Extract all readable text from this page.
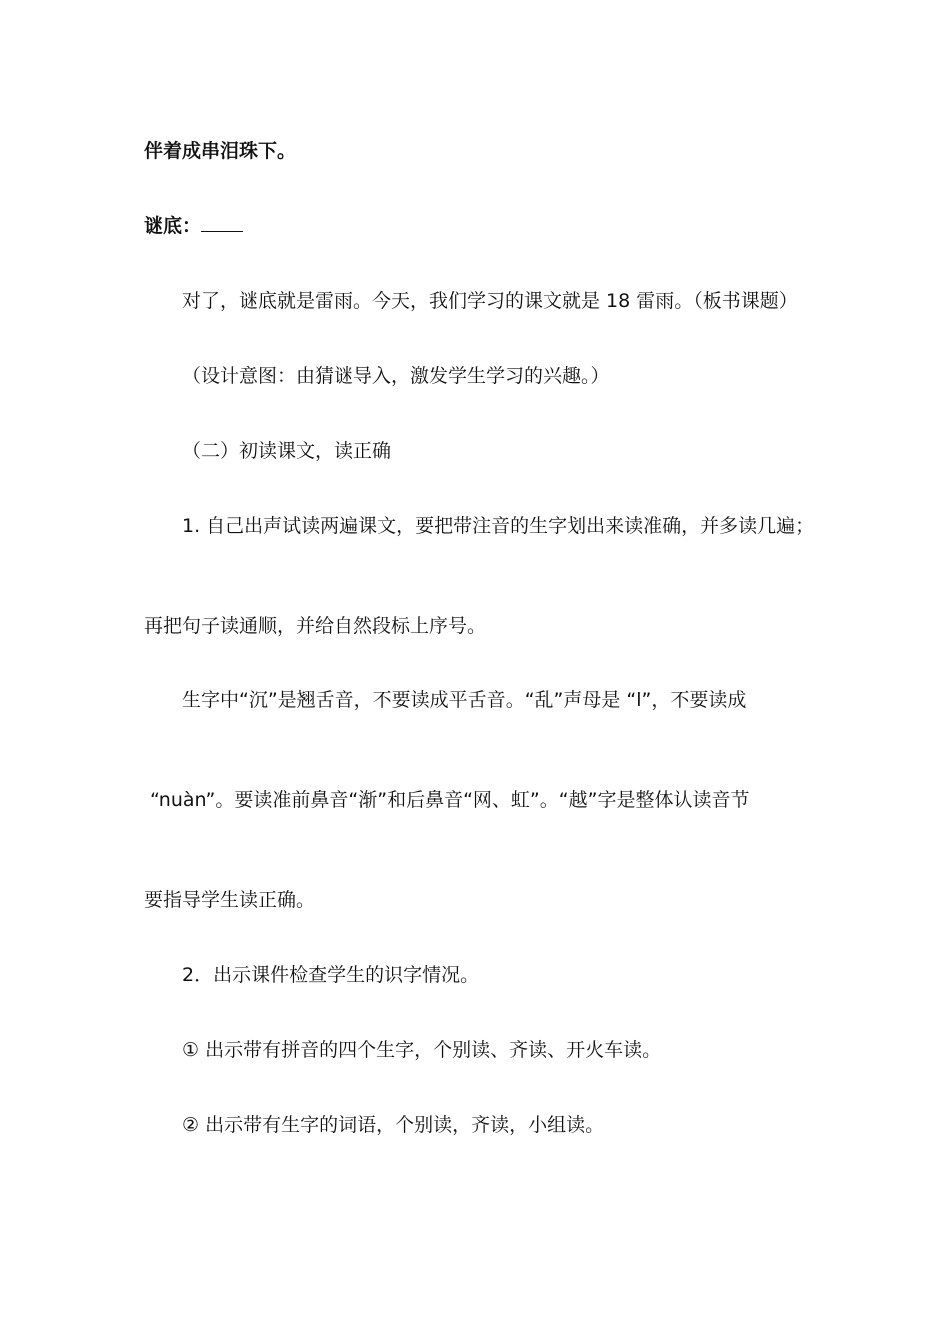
伴着成串泪珠下。
谜底：
对了，谜底就是雷雨。今天，我们学习的课文就是 18 雷雨。（板书课题）
（设计意图：由猜谜导入，激发学生学习的兴趣。）
（二）初读课文，读正确
1. 自己出声试读两遍课文，要把带注音的生字划出来读准确，并多读几遍；
再把句子读通顺，并给自然段标上序号。
生字中“沉”是翘舌音，不要读成平舌音。“乱”声母是 “l”，不要读成
“nuàn”。要读准前鼻音“渐”和后鼻音“网、虹”。“越”字是整体认读音节
要指导学生读正确。
2．出示课件检查学生的识字情况。
① 出示带有拼音的四个生字，个别读、齐读、开火车读。
② 出示带有生字的词语，个别读，齐读，小组读。
